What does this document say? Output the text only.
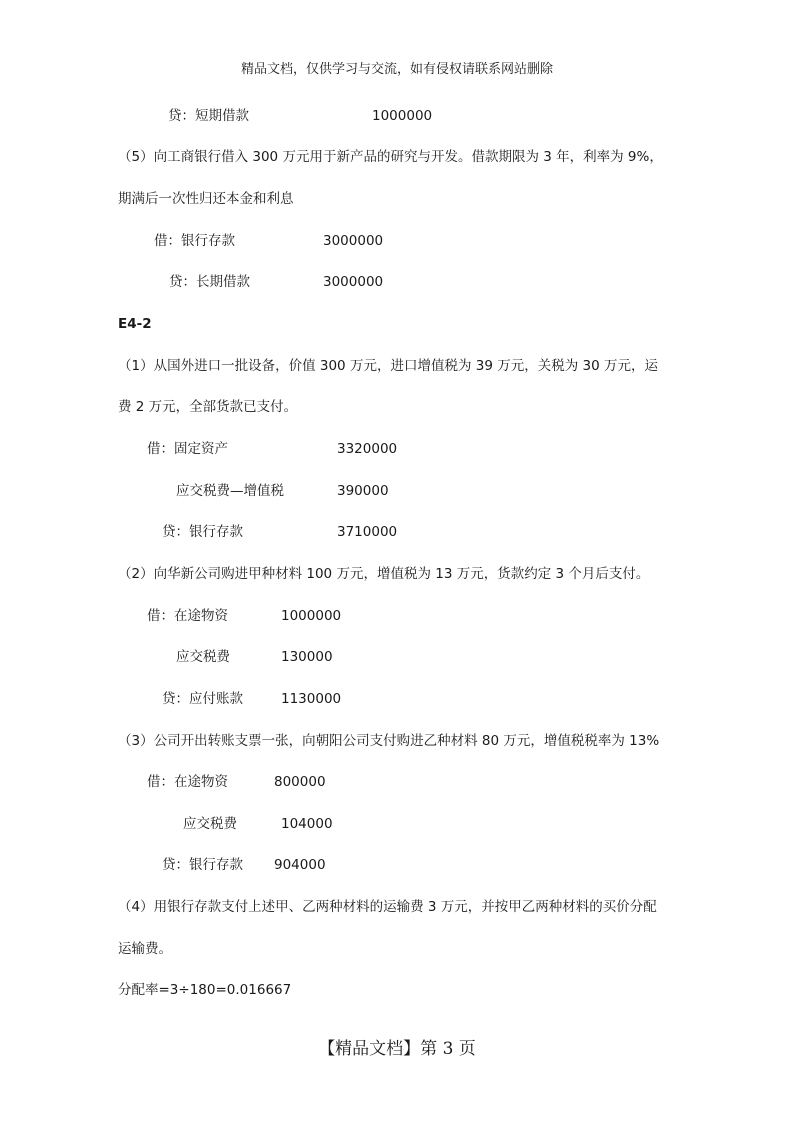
精品文档，仅供学习与交流，如有侵权请联系网站删除
贷：短期借款	1000000
（5）向工商银行借入 300 万元用于新产品的研究与开发。借款期限为 3 年，利率为 9%，
期满后一次性归还本金和利息
借：银行存款	3000000
贷：长期借款	3000000
E4-2
（1）从国外进口一批设备，价值 300 万元，进口增值税为 39 万元，关税为 30 万元，运
费 2 万元，全部货款已支付。
借：固定资产	3320000
应交税费—增值税	390000
贷：银行存款	3710000
（2）向华新公司购进甲种材料 100 万元，增值税为 13 万元，货款约定 3 个月后支付。
借：在途物资	1000000
应交税费	130000
贷：应付账款	1130000
（3）公司开出转账支票一张，向朝阳公司支付购进乙种材料 80 万元，增值税税率为 13%
借：在途物资	800000
应交税费	104000
贷：银行存款 904000
（4）用银行存款支付上述甲、乙两种材料的运输费 3 万元，并按甲乙两种材料的买价分配
运输费。
分配率=3÷180=0.016667
【精品文档】第 3 页
